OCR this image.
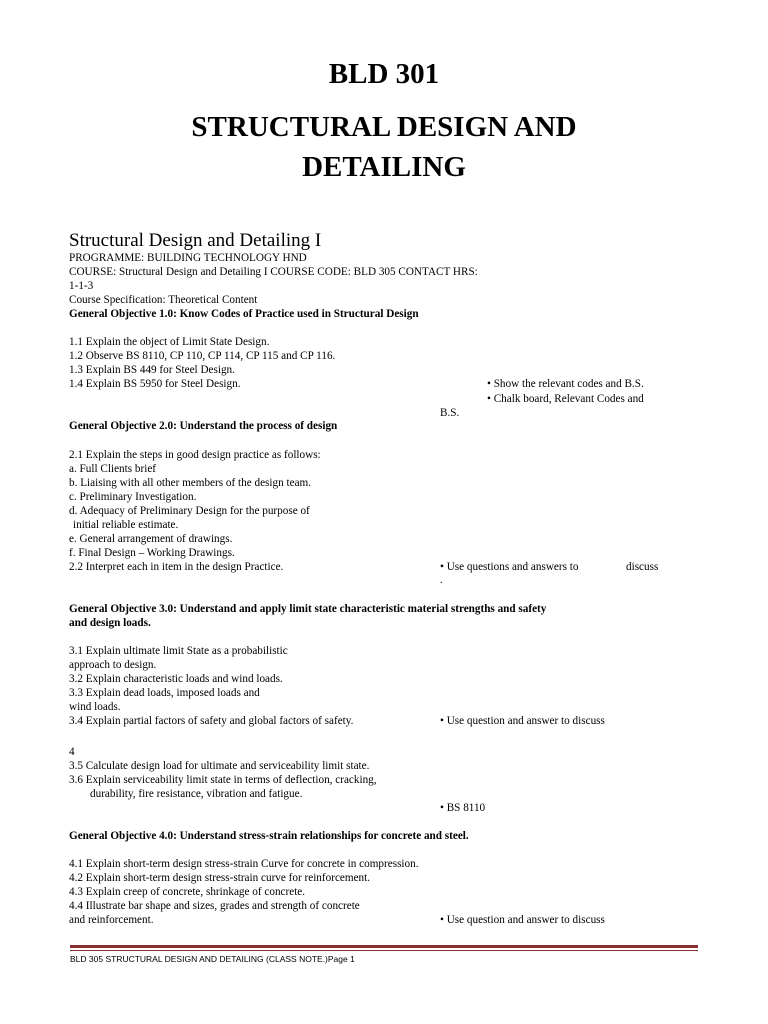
BLD 301
STRUCTURAL DESIGN AND
DETAILING
Structural Design and Detailing I
PROGRAMME: BUILDING TECHNOLOGY HND
COURSE: Structural Design and Detailing I COURSE CODE: BLD 305 CONTACT HRS:
1-1-3
Course Specification: Theoretical Content
General Objective 1.0: Know Codes of Practice used in Structural Design
1.1 Explain the object of Limit State Design.
1.2 Observe BS 8110, CP 110, CP 114, CP 115 and CP 116.
1.3 Explain BS 449 for Steel Design.
1.4 Explain BS 5950 for Steel Design.	• Show the relevant codes and B.S.
• Chalk board, Relevant Codes and
B.S.
General Objective 2.0: Understand the process of design
2.1 Explain the steps in good design practice as follows:
a. Full Clients brief
b. Liaising with all other members of the design team.
c. Preliminary Investigation.
d. Adequacy of Preliminary Design for the purpose of
initial reliable estimate.
e. General arrangement of drawings.
f. Final Design – Working Drawings.
2.2 Interpret each in item in the design Practice.	• Use questions and answers to	discuss
.
General Objective 3.0: Understand and apply limit state characteristic material strengths and safety
and design loads.
3.1 Explain ultimate limit State as a probabilistic
approach to design.
3.2 Explain characteristic loads and wind loads.
3.3 Explain dead loads, imposed loads and
wind loads.
3.4 Explain partial factors of safety and global factors of safety.	• Use question and answer to discuss
4
3.5 Calculate design load for ultimate and serviceability limit state.
3.6 Explain serviceability limit state in terms of deflection, cracking,
durability, fire resistance, vibration and fatigue.
• BS 8110
General Objective 4.0: Understand stress-strain relationships for concrete and steel.
4.1 Explain short-term design stress-strain Curve for concrete in compression.
4.2 Explain short-term design stress-strain curve for reinforcement.
4.3 Explain creep of concrete, shrinkage of concrete.
4.4 Illustrate bar shape and sizes, grades and strength of concrete
and reinforcement.	• Use question and answer to discuss
BLD 305 STRUCTURAL DESIGN AND DETAILING (CLASS NOTE.)Page 1
